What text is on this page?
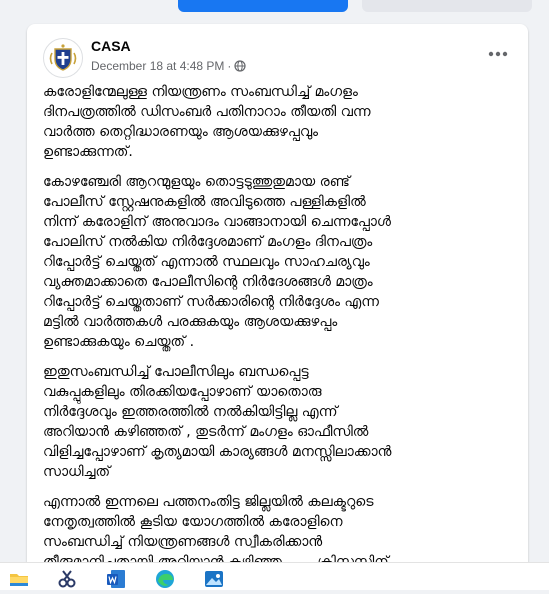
CASA
December 18 at 4:48 PM ·

കരോളിന്മേലുള്ള നിയന്ത്രണം സംബന്ധിച്ച് മംഗളം
ദിനപത്രത്തിൽ ഡിസംബർ പതിനാറാം തീയതി വന്ന
വാർത്ത തെറ്റിദ്ധാരണയും ആശയക്കുഴപ്പവും
ഉണ്ടാക്കുന്നത്.

കോഴഞ്ചേരി ആറന്മുളയും തൊട്ടടുത്തുതുമായ രണ്ട്
പോലീസ് സ്റ്റേഷനുകളിൽ അവിടുത്തെ പള്ളികളിൽ
നിന്ന് കരോളിന് അനുവാദം വാങ്ങാനായി ചെന്നപ്പോൾ
പോലിസ് നൽകിയ നിർദ്ദേശമാണ് മംഗളം ദിനപത്രം
റിപ്പോർട്ട് ചെയ്തത് എന്നാൽ സ്ഥലവും സാഹചര്യവും
വ്യക്തമാക്കാതെ പോലീസിന്റെ നിർദേശങ്ങൾ മാത്രം
റിപ്പോർട്ട് ചെയ്തതാണ് സർക്കാരിന്റെ നിർദ്ദേശം എന്ന
മട്ടിൽ വാർത്തകൾ പരക്കുകയും ആശയക്കുഴപ്പം
ഉണ്ടാക്കുകയും ചെയ്തത് .

ഇതുസംബന്ധിച്ച് പോലീസിലും ബന്ധപ്പെട്ട
വകുപ്പുകളിലും തിരക്കിയപ്പോഴാണ് യാതൊരു
നിർദ്ദേശവും ഇത്തരത്തിൽ നൽകിയിട്ടില്ല എന്ന്
അറിയാൻ കഴിഞ്ഞത് , തുടർന്ന് മംഗളം ഓഫീസിൽ
വിളിച്ചപ്പോഴാണ് കൃത്യമായി കാര്യങ്ങൾ മനസ്സിലാക്കാൻ
സാധിച്ചത്

എന്നാൽ ഇന്നലെ പത്തനംതിട്ട ജില്ലയിൽ കലക്ടറുടെ
നേതൃത്വത്തിൽ കൂടിയ യോഗത്തിൽ കരോളിനെ
സംബന്ധിച്ച് നിയന്ത്രണങ്ങൾ സ്വീകരിക്കാൻ
